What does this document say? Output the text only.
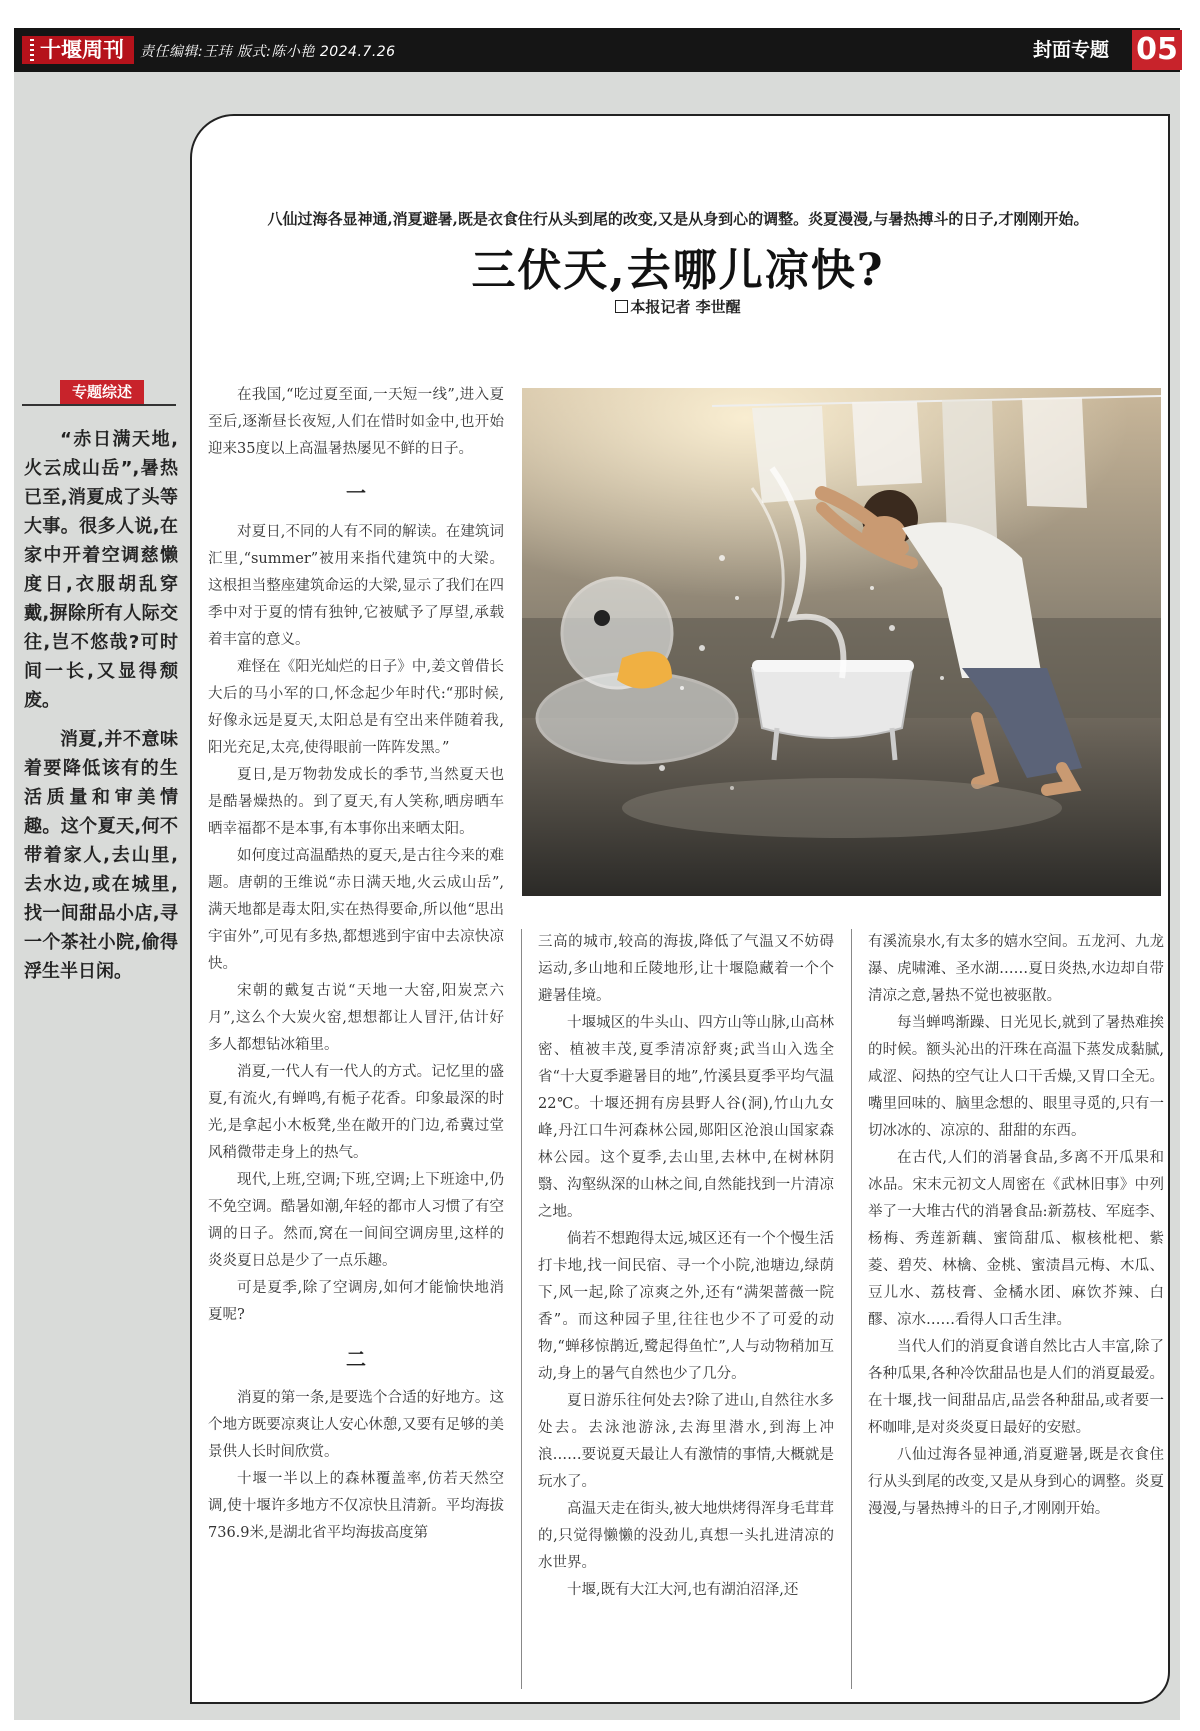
十堰周刊	责任编辑:王玮 版式:陈小艳 2024.7.26	封面专题 05
专题综述

“赤日满天地,火云成山岳”,暑热已至,消夏成了头等大事。很多人说,在家中开着空调慈懒度日,衣服胡乱穿戴,摒除所有人际交往,岂不悠哉?可时间一长,又显得颓废。

消夏,并不意味着要降低该有的生活质量和审美情趣。这个夏天,何不带着家人,去山里,去水边,或在城里,找一间甜品小店,寻一个茶社小院,偷得浮生半日闲。

八仙过海各显神通,消夏避暑,既是衣食住行从头到尾的改变,又是从身到心的调整。炎夏漫漫,与暑热搏斗的日子,才刚刚开始。
三伏天,去哪儿凉快?
本报记者 李世醒

在我国,“吃过夏至面,一天短一线”,进入夏至后,逐渐昼长夜短,人们在惜时如金中,也开始迎来35度以上高温暑热屡见不鲜的日子。

一

对夏日,不同的人有不同的解读。在建筑词汇里,“summer”被用来指代建筑中的大梁。这根担当整座建筑命运的大梁,显示了我们在四季中对于夏的情有独钟,它被赋予了厚望,承载着丰富的意义。

难怪在《阳光灿烂的日子》中,姜文曾借长大后的马小军的口,怀念起少年时代:“那时候,好像永远是夏天,太阳总是有空出来伴随着我,阳光充足,太亮,使得眼前一阵阵发黑。”

夏日,是万物勃发成长的季节,当然夏天也是酷暑燥热的。到了夏天,有人笑称,晒房晒车晒幸福都不是本事,有本事你出来晒太阳。

如何度过高温酷热的夏天,是古往今来的难题。唐朝的王维说“赤日满天地,火云成山岳”,满天地都是毒太阳,实在热得要命,所以他“思出宇宙外”,可见有多热,都想逃到宇宙中去凉快凉快。

宋朝的戴复古说“天地一大窑,阳炭烹六月”,这么个大炭火窑,想想都让人冒汗,估计好多人都想钻冰箱里。

消夏,一代人有一代人的方式。记忆里的盛夏,有流火,有蝉鸣,有栀子花香。印象最深的时光,是拿起小木板凳,坐在敞开的门边,希冀过堂风稍微带走身上的热气。

现代,上班,空调;下班,空调;上下班途中,仍不免空调。酷暑如潮,年轻的都市人习惯了有空调的日子。然而,窝在一间间空调房里,这样的炎炎夏日总是少了一点乐趣。

可是夏季,除了空调房,如何才能愉快地消夏呢?

二

消夏的第一条,是要选个合适的好地方。这个地方既要凉爽让人安心休憩,又要有足够的美景供人长时间欣赏。

十堰一半以上的森林覆盖率,仿若天然空调,使十堰许多地方不仅凉快且清新。平均海拔736.9米,是湖北省平均海拔高度第

三高的城市,较高的海拔,降低了气温又不妨碍运动,多山地和丘陵地形,让十堰隐藏着一个个避暑佳境。

十堰城区的牛头山、四方山等山脉,山高林密、植被丰茂,夏季清凉舒爽;武当山入选全省“十大夏季避暑目的地”,竹溪县夏季平均气温22℃。十堰还拥有房县野人谷(洞),竹山九女峰,丹江口牛河森林公园,郧阳区沧浪山国家森林公园。这个夏季,去山里,去林中,在树林阴翳、沟壑纵深的山林之间,自然能找到一片清凉之地。

倘若不想跑得太远,城区还有一个个慢生活打卡地,找一间民宿、寻一个小院,池塘边,绿荫下,风一起,除了凉爽之外,还有“满架蔷薇一院香”。而这种园子里,往往也少不了可爱的动物,“蝉移惊鹊近,鹭起得鱼忙”,人与动物稍加互动,身上的暑气自然也少了几分。

夏日游乐往何处去?除了进山,自然往水多处去。去泳池游泳,去海里潜水,到海上冲浪……要说夏天最让人有激情的事情,大概就是玩水了。

高温天走在街头,被大地烘烤得浑身毛茸茸的,只觉得懒懒的没劲儿,真想一头扎进清凉的水世界。

十堰,既有大江大河,也有湖泊沼泽,还

有溪流泉水,有太多的嬉水空间。五龙河、九龙瀑、虎啸滩、圣水湖……夏日炎热,水边却自带清凉之意,暑热不觉也被驱散。

每当蝉鸣渐躁、日光见长,就到了暑热难挨的时候。额头沁出的汗珠在高温下蒸发成黏腻,咸涩、闷热的空气让人口干舌燥,又胃口全无。嘴里回味的、脑里念想的、眼里寻觅的,只有一切冰冰的、凉凉的、甜甜的东西。

在古代,人们的消暑食品,多离不开瓜果和冰品。宋末元初文人周密在《武林旧事》中列举了一大堆古代的消暑食品:新荔枝、军庭李、杨梅、秀莲新藕、蜜筒甜瓜、椒核枇杷、紫菱、碧芡、林檎、金桃、蜜渍昌元梅、木瓜、豆儿水、荔枝膏、金橘水团、麻饮芥辣、白醪、凉水……看得人口舌生津。

当代人们的消夏食谱自然比古人丰富,除了各种瓜果,各种冷饮甜品也是人们的消夏最爱。在十堰,找一间甜品店,品尝各种甜品,或者要一杯咖啡,是对炎炎夏日最好的安慰。

八仙过海各显神通,消夏避暑,既是衣食住行从头到尾的改变,又是从身到心的调整。炎夏漫漫,与暑热搏斗的日子,才刚刚开始。
